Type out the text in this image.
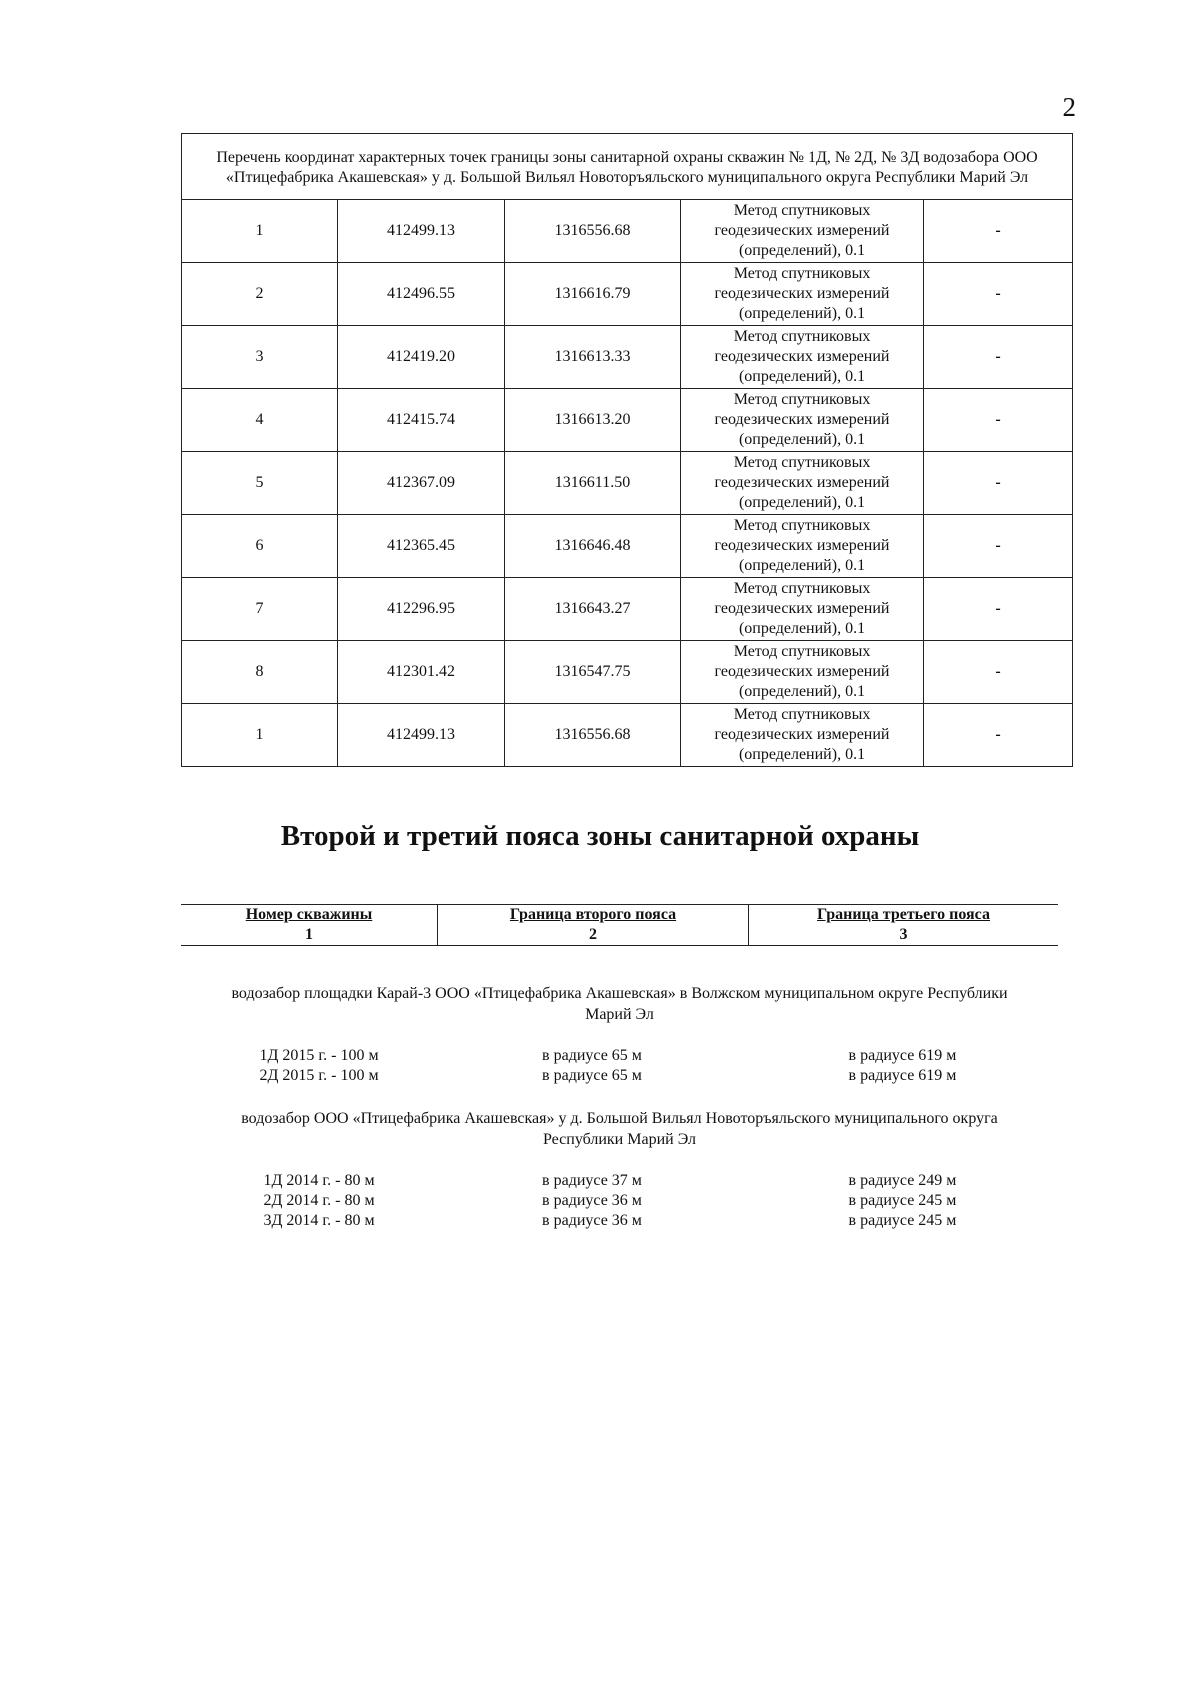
2
Перечень координат характерных точек границы зоны санитарной охраны скважин № 1Д, № 2Д, № 3Д водозабора ООО «Птицефабрика Акашевская» у д. Большой Вильял Новоторъяльского муниципального округа Республики Марий Эл				
1	412499.13	1316556.68	Метод спутниковых геодезических измерений (определений), 0.1	-
2	412496.55	1316616.79	Метод спутниковых геодезических измерений (определений), 0.1	-
3	412419.20	1316613.33	Метод спутниковых геодезических измерений (определений), 0.1	-
4	412415.74	1316613.20	Метод спутниковых геодезических измерений (определений), 0.1	-
5	412367.09	1316611.50	Метод спутниковых геодезических измерений (определений), 0.1	-
6	412365.45	1316646.48	Метод спутниковых геодезических измерений (определений), 0.1	-
7	412296.95	1316643.27	Метод спутниковых геодезических измерений (определений), 0.1	-
8	412301.42	1316547.75	Метод спутниковых геодезических измерений (определений), 0.1	-
1	412499.13	1316556.68	Метод спутниковых геодезических измерений (определений), 0.1	-
Второй и третий пояса зоны санитарной охраны
Номер скважины	Граница второго пояса	Граница третьего пояса
1	2	3
водозабор площадки Карай-3 ООО «Птицефабрика Акашевская» в Волжском муниципальном округе Республики Марий Эл
1Д 2015 г. - 100 м	в радиусе 65 м	в радиусе 619 м
2Д 2015 г. - 100 м	в радиусе 65 м	в радиусе 619 м
водозабор ООО «Птицефабрика Акашевская» у д. Большой Вильял Новоторъяльского муниципального округа Республики Марий Эл
1Д 2014 г. - 80 м	в радиусе 37 м	в радиусе 249 м
2Д 2014 г. - 80 м	в радиусе 36 м	в радиусе 245 м
3Д 2014 г. - 80 м	в радиусе 36 м	в радиусе 245 м
